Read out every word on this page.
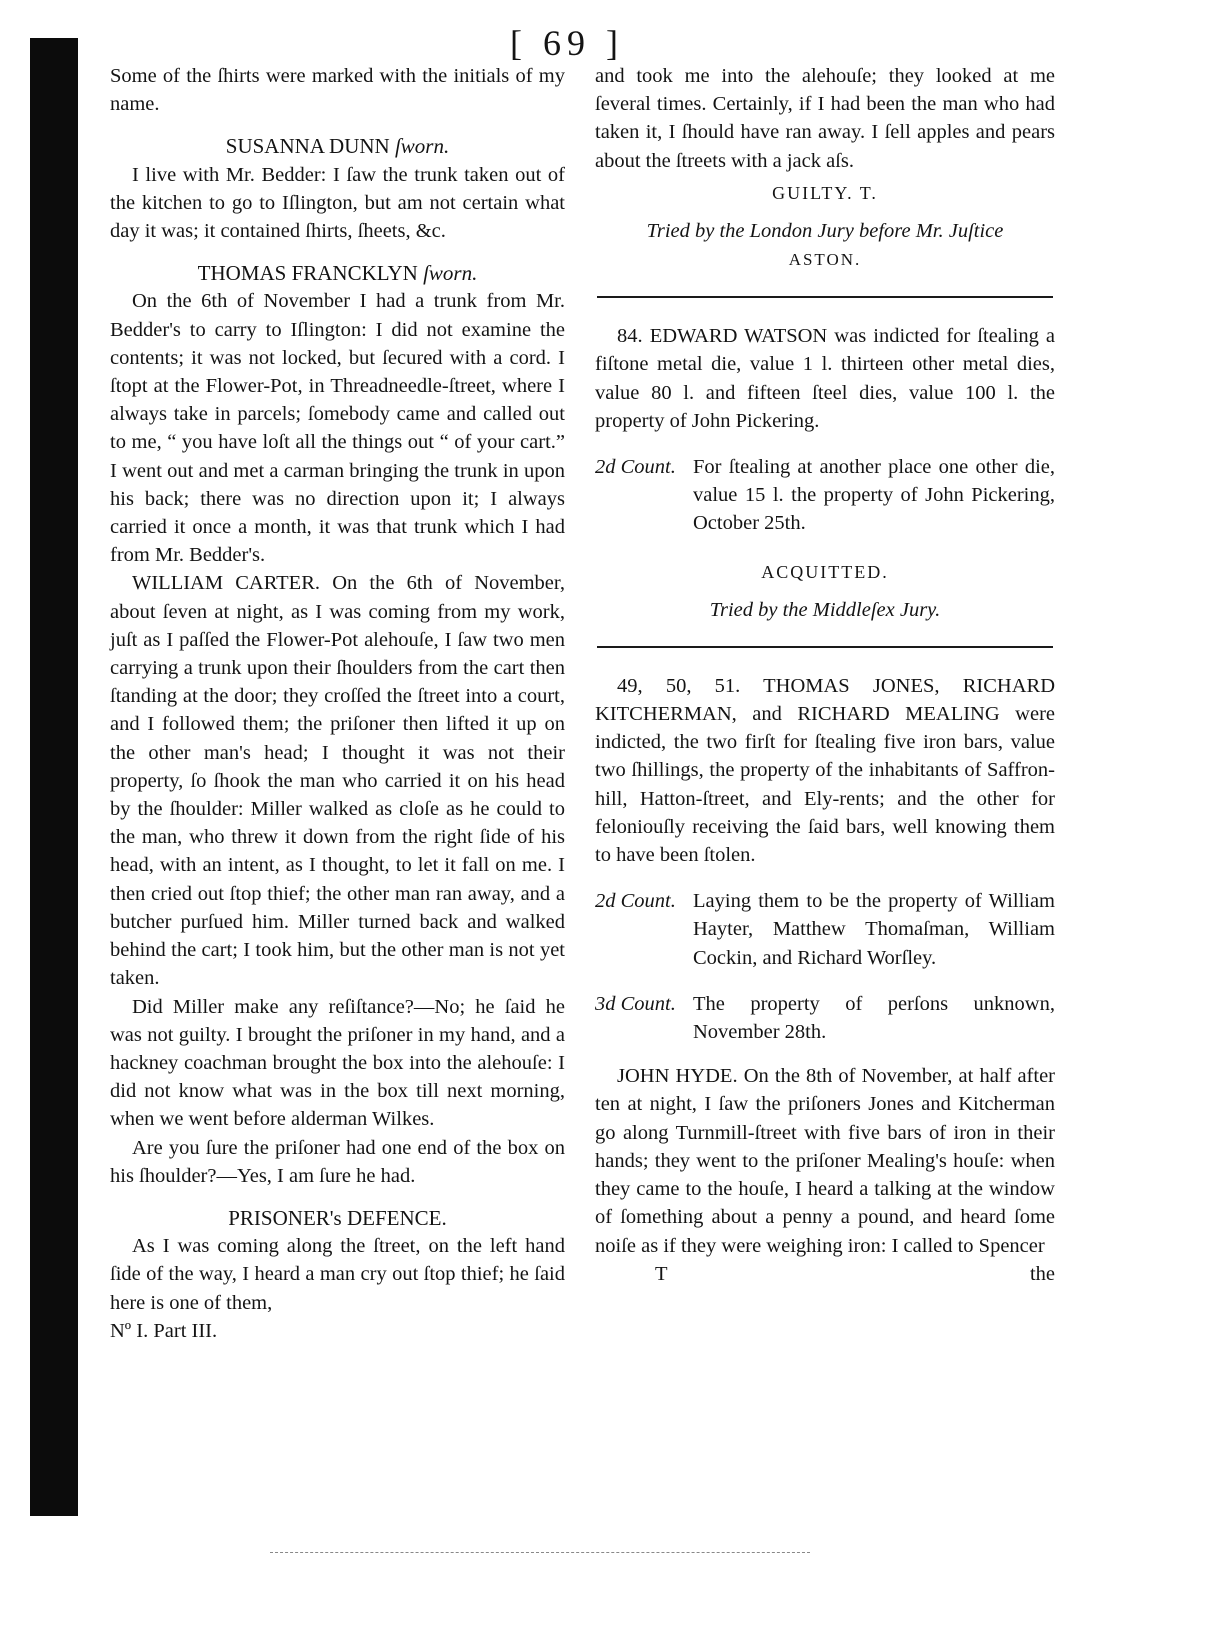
[ 69 ]

Some of the ſhirts were marked with the initials of my name.

SUSANNA DUNN ſworn.

I live with Mr. Bedder: I ſaw the trunk taken out of the kitchen to go to Iſlington, but am not certain what day it was; it contained ſhirts, ſheets, &c.

THOMAS FRANCKLYN ſworn.

On the 6th of November I had a trunk from Mr. Bedder's to carry to Iſlington: I did not examine the contents; it was not locked, but ſecured with a cord. I ſtopt at the Flower-Pot, in Threadneedle-ſtreet, where I always take in parcels; ſomebody came and called out to me, “ you have loſt all the things out “ of your cart.” I went out and met a carman bringing the trunk in upon his back; there was no direction upon it; I always carried it once a month, it was that trunk which I had from Mr. Bedder's.

WILLIAM CARTER. On the 6th of November, about ſeven at night, as I was coming from my work, juſt as I paſſed the Flower-Pot alehouſe, I ſaw two men carrying a trunk upon their ſhoulders from the cart then ſtanding at the door; they croſſed the ſtreet into a court, and I followed them; the priſoner then lifted it up on the other man's head; I thought it was not their property, ſo ſhook the man who carried it on his head by the ſhoulder: Miller walked as cloſe as he could to the man, who threw it down from the right ſide of his head, with an intent, as I thought, to let it fall on me. I then cried out ſtop thief; the other man ran away, and a butcher purſued him. Miller turned back and walked behind the cart; I took him, but the other man is not yet taken.

Did Miller make any reſiſtance?—No; he ſaid he was not guilty. I brought the priſoner in my hand, and a hackney coachman brought the box into the alehouſe: I did not know what was in the box till next morning, when we went before alderman Wilkes.

Are you ſure the priſoner had one end of the box on his ſhoulder?—Yes, I am ſure he had.

PRISONER's DEFENCE.

As I was coming along the ſtreet, on the left hand ſide of the way, I heard a man cry out ſtop thief; he ſaid here is one of them,

Nº I. Part III.

and took me into the alehouſe; they looked at me ſeveral times. Certainly, if I had been the man who had taken it, I ſhould have ran away. I ſell apples and pears about the ſtreets with a jack aſs.

GUILTY. T.
Tried by the London Jury before Mr. Juſtice
ASTON.

84. EDWARD WATSON was indicted for ſtealing a fiſtone metal die, value 1 l. thirteen other metal dies, value 80 l. and fifteen ſteel dies, value 100 l. the property of John Pickering.

2d Count. For ſtealing at another place one other die, value 15 l. the property of John Pickering, October 25th.
ACQUITTED.
Tried by the Middleſex Jury.

49, 50, 51. THOMAS JONES, RICHARD KITCHERMAN, and RICHARD MEALING were indicted, the two firſt for ſtealing five iron bars, value two ſhillings, the property of the inhabitants of Saffron-hill, Hatton-ſtreet, and Ely-rents; and the other for feloniouſly receiving the ſaid bars, well knowing them to have been ſtolen.

2d Count. Laying them to be the property of William Hayter, Matthew Thomaſman, William Cockin, and Richard Worſley.
3d Count. The property of perſons unknown, November 28th.

JOHN HYDE. On the 8th of November, at half after ten at night, I ſaw the priſoners Jones and Kitcherman go along Turnmill-ſtreet with five bars of iron in their hands; they went to the priſoner Mealing's houſe: when they came to the houſe, I heard a talking at the window of ſomething about a penny a pound, and heard ſome noiſe as if they were weighing iron: I called to Spencer

T	the
